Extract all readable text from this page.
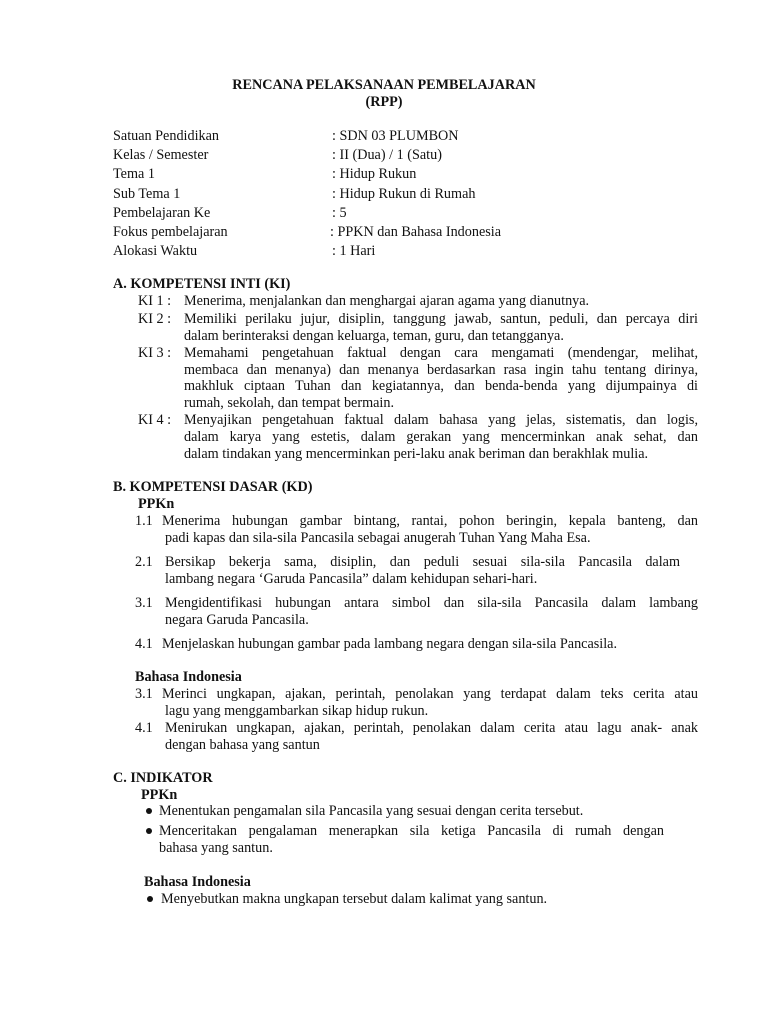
RENCANA PELAKSANAAN PEMBELAJARAN
(RPP)
Satuan Pendidikan	: SDN 03 PLUMBON
Kelas / Semester	: II (Dua) / 1 (Satu)
Tema 1	: Hidup Rukun
Sub Tema 1	: Hidup Rukun di Rumah
Pembelajaran Ke	: 5
Fokus pembelajaran	: PPKN dan Bahasa Indonesia
Alokasi Waktu	: 1 Hari
A. KOMPETENSI INTI (KI)
KI 1 : Menerima, menjalankan dan menghargai ajaran agama yang dianutnya.
KI 2 : Memiliki perilaku jujur, disiplin, tanggung jawab, santun, peduli, dan percaya diri
dalam berinteraksi dengan keluarga, teman, guru, dan tetangganya.
KI 3 : Memahami pengetahuan faktual dengan cara mengamati (mendengar, melihat,
membaca dan menanya) dan menanya berdasarkan rasa ingin tahu tentang dirinya,
makhluk ciptaan Tuhan dan kegiatannya, dan benda-benda yang dijumpainya di
rumah, sekolah, dan tempat bermain.
KI 4 : Menyajikan pengetahuan faktual dalam bahasa yang jelas, sistematis, dan logis,
dalam karya yang estetis, dalam gerakan yang mencerminkan anak sehat, dan
dalam tindakan yang mencerminkan peri-laku anak beriman dan berakhlak mulia.
B. KOMPETENSI DASAR (KD)
PPKn
1.1 Menerima hubungan gambar bintang, rantai, pohon beringin, kepala banteng, dan
padi kapas dan sila-sila Pancasila sebagai anugerah Tuhan Yang Maha Esa.
2.1 Bersikap bekerja sama, disiplin, dan peduli sesuai sila-sila Pancasila dalam
lambang negara ‘Garuda Pancasila” dalam kehidupan sehari-hari.
3.1 Mengidentifikasi hubungan antara simbol dan sila-sila Pancasila dalam lambang
negara Garuda Pancasila.
4.1 Menjelaskan hubungan gambar pada lambang negara dengan sila-sila Pancasila.
Bahasa Indonesia
3.1 Merinci ungkapan, ajakan, perintah, penolakan yang terdapat dalam teks cerita atau
lagu yang menggambarkan sikap hidup rukun.
4.1 Menirukan ungkapan, ajakan, perintah, penolakan dalam cerita atau lagu anak- anak
dengan bahasa yang santun
C. INDIKATOR
PPKn
Menentukan pengamalan sila Pancasila yang sesuai dengan cerita tersebut.
Menceritakan pengalaman menerapkan sila ketiga Pancasila di rumah dengan
bahasa yang santun.
Bahasa Indonesia
Menyebutkan makna ungkapan tersebut dalam kalimat yang santun.
